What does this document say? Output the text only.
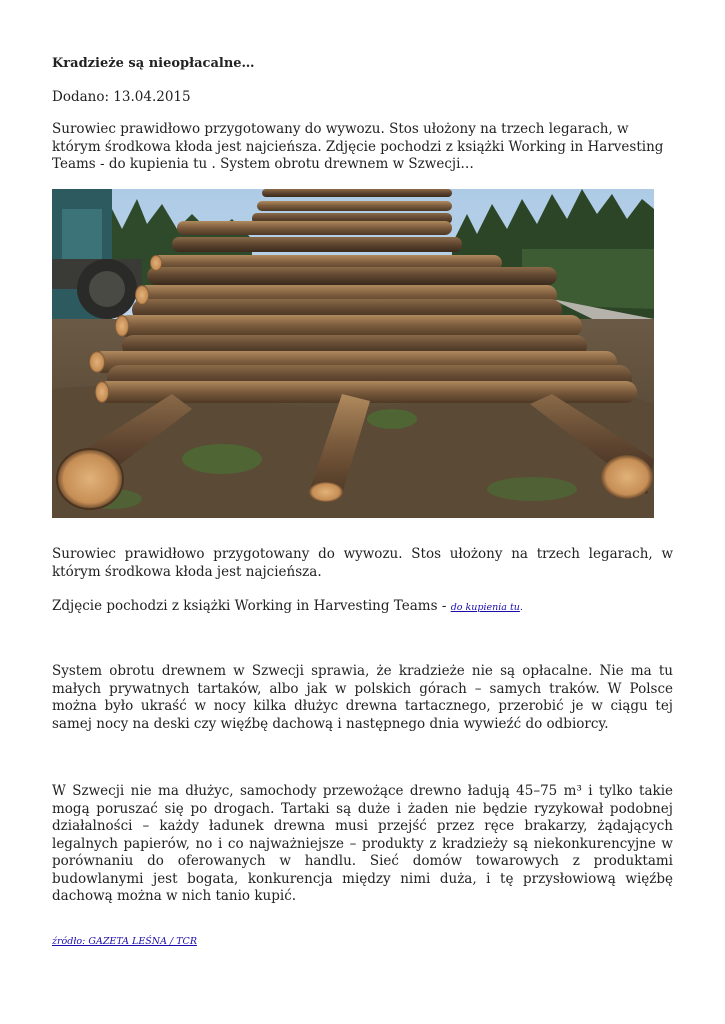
Kradzieże są nieopłacalne…
Dodano: 13.04.2015
Surowiec prawidłowo przygotowany do wywozu. Stos ułożony na trzech legarach, w którym środkowa kłoda jest najcieńsza. Zdjęcie pochodzi z książki Working in Harvesting Teams - do kupienia tu . System obrotu drewnem w Szwecji…
Surowiec prawidłowo przygotowany do wywozu. Stos ułożony na trzech legarach, w którym środkowa kłoda jest najcieńsza.
Zdjęcie pochodzi z książki Working in Harvesting Teams - do kupienia tu.
System obrotu drewnem w Szwecji sprawia, że kradzieże nie są opłacalne. Nie ma tu małych prywatnych tartaków, albo jak w polskich górach – samych traków. W Polsce można było ukraść w nocy kilka dłużyc drewna tartacznego, przerobić je w ciągu tej samej nocy na deski czy więźbę dachową i następnego dnia wywieźć do odbiorcy.
W Szwecji nie ma dłużyc, samochody przewożące drewno ładują 45–75 m³ i tylko takie mogą poruszać się po drogach. Tartaki są duże i żaden nie będzie ryzykował podobnej działalności – każdy ładunek drewna musi przejść przez ręce brakarzy, żądających legalnych papierów, no i co najważniejsze – produkty z kradzieży są niekonkurencyjne w porównaniu do oferowanych w handlu. Sieć domów towarowych z produktami budowlanymi jest bogata, konkurencja między nimi duża, i tę przysłowiową więźbę dachową można w nich tanio kupić.
źródło: GAZETA LEŚNA / TCR
